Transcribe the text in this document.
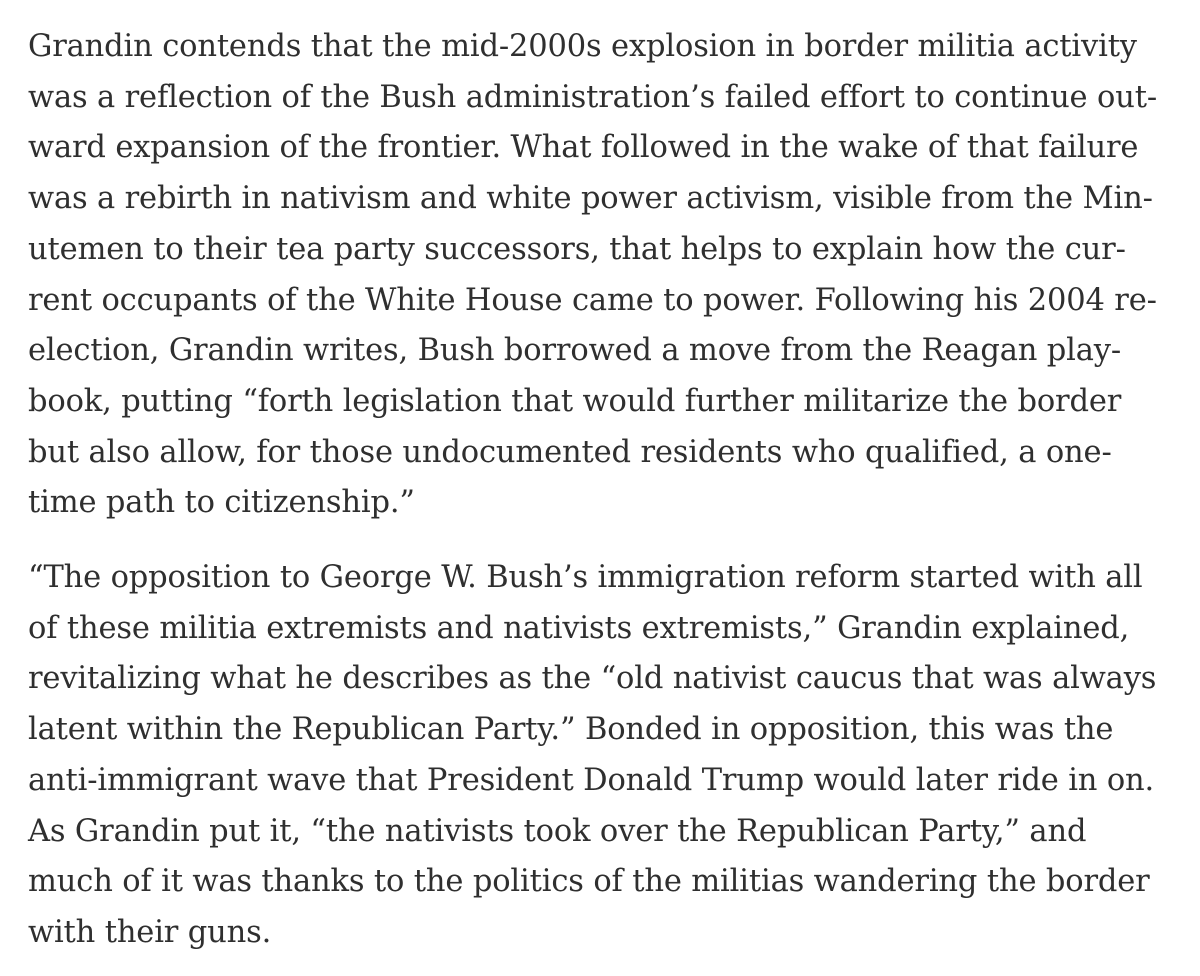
Grandin contends that the mid-2000s explosion in border militia activity
was a reflection of the Bush administration’s failed effort to continue out-
ward expansion of the frontier. What followed in the wake of that failure
was a rebirth in nativism and white power activism, visible from the Min-
utemen to their tea party successors, that helps to explain how the cur-
rent occupants of the White House came to power. Following his 2004 re-
election, Grandin writes, Bush borrowed a move from the Reagan play-
book, putting “forth legislation that would further militarize the border
but also allow, for those undocumented residents who qualified, a one-
time path to citizenship.”

“The opposition to George W. Bush’s immigration reform started with all
of these militia extremists and nativists extremists,” Grandin explained,
revitalizing what he describes as the “old nativist caucus that was always
latent within the Republican Party.” Bonded in opposition, this was the
anti-immigrant wave that President Donald Trump would later ride in on.
As Grandin put it, “the nativists took over the Republican Party,” and
much of it was thanks to the politics of the militias wandering the border
with their guns.
